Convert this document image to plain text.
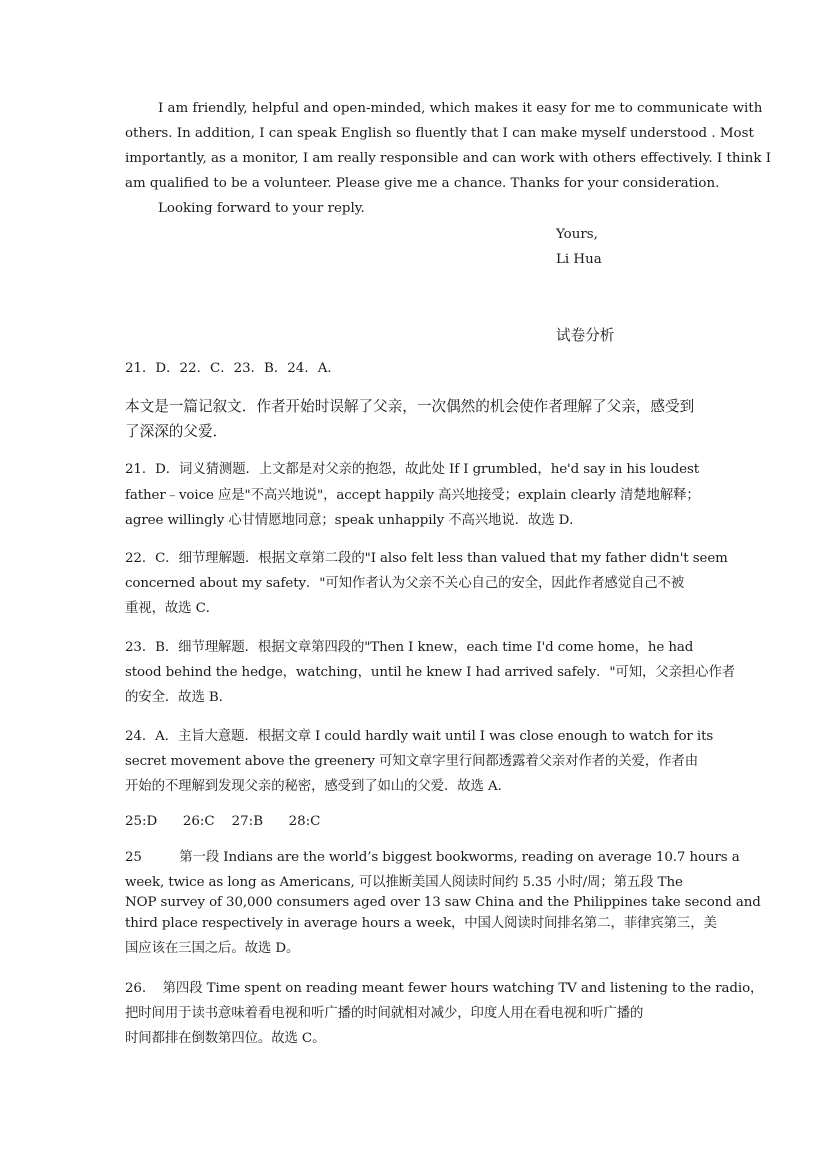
I am friendly, helpful and open-minded, which makes it easy for me to communicate with
others. In addition, I can speak English so fluently that I can make myself understood . Most
importantly, as a monitor, I am really responsible and can work with others effectively. I think I
am qualified to be a volunteer. Please give me a chance. Thanks for your consideration.
Looking forward to your reply.
Yours,
Li Hua
试卷分析
21．D．22．C．23．B．24．A．
本文是一篇记叙文．作者开始时误解了父亲，一次偶然的机会使作者理解了父亲，感受到
了深深的父爱．
21．D．词义猜测题．上文都是对父亲的抱怨，故此处 If I grumbled，he'd say in his loudest
father﹣voice 应是"不高兴地说"，accept happily 高兴地接受；explain clearly 清楚地解释；
agree willingly 心甘情愿地同意；speak unhappily 不高兴地说．故选 D．
22．C．细节理解题．根据文章第二段的"I also felt less than valued that my father didn't seem
concerned about my safety．"可知作者认为父亲不关心自己的安全，因此作者感觉自己不被
重视，故选 C．
23．B．细节理解题．根据文章第四段的"Then I knew，each time I'd come home，he had
stood behind the hedge，watching，until he knew I had arrived safely．"可知，父亲担心作者
的安全．故选 B．
24．A．主旨大意题．根据文章 I could hardly wait until I was close enough to watch for its
secret movement above the greenery 可知文章字里行间都透露着父亲对作者的关爱，作者由
开始的不理解到发现父亲的秘密，感受到了如山的父爱．故选 A．
25:D      26:C    27:B      28:C
25         第一段 Indians are the world’s biggest bookworms, reading on average 10.7 hours a
week, twice as long as Americans, 可以推断美国人阅读时间约 5.35 小时/周；第五段 The
NOP survey of 30,000 consumers aged over 13 saw China and the Philippines take second and
third place respectively in average hours a week，中国人阅读时间排名第二，菲律宾第三，美
国应该在三国之后。故选 D。
26.    第四段 Time spent on reading meant fewer hours watching TV and listening to the radio，
把时间用于读书意味着看电视和听广播的时间就相对减少，印度人用在看电视和听广播的
时间都排在倒数第四位。故选 C。
